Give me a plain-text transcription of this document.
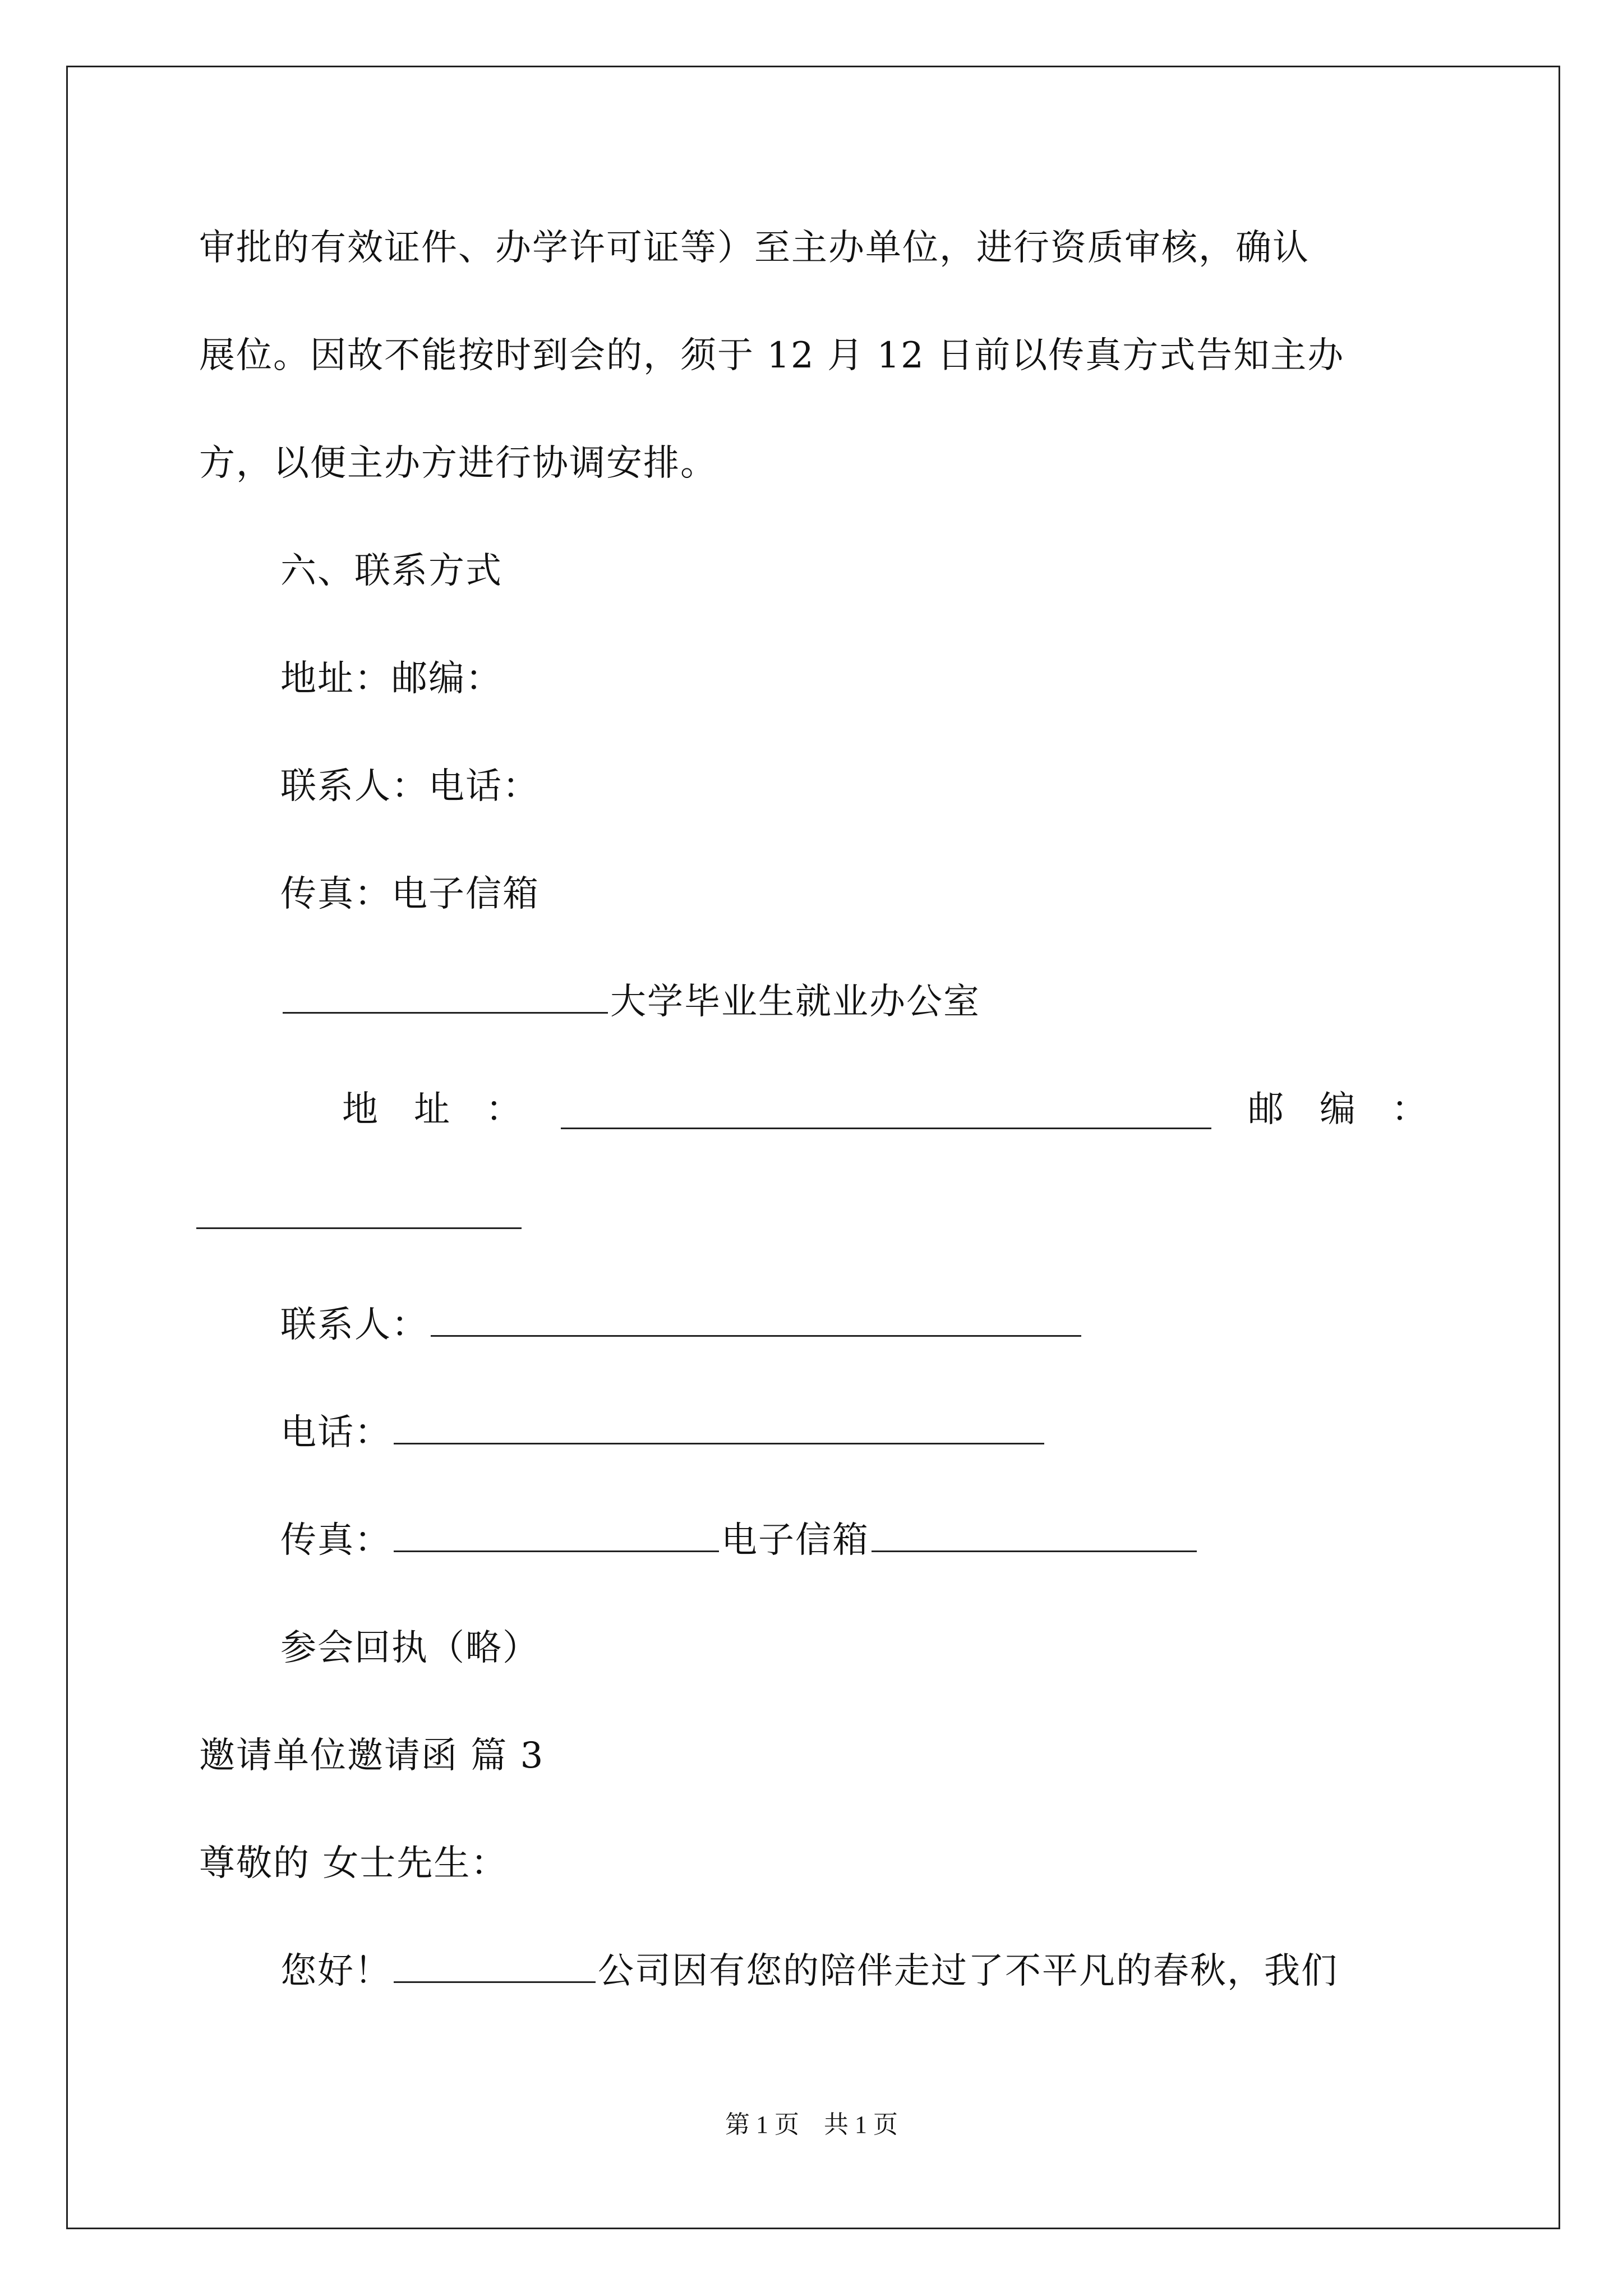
审批的有效证件、办学许可证等）至主办单位，进行资质审核，确认
展位。因故不能按时到会的，须于 12 月 12 日前以传真方式告知主办
方，以便主办方进行协调安排。
六、联系方式
地址：邮编：
联系人：电话：
传真：电子信箱
大学毕业生就业办公室
地　址　：	邮　编　：
联系人：
电话：
传真：	电子信箱
参会回执（略）
邀请单位邀请函 篇 3
尊敬的 女士先生：
您好！	公司因有您的陪伴走过了不平凡的春秋，我们
第 1 页　共 1 页
